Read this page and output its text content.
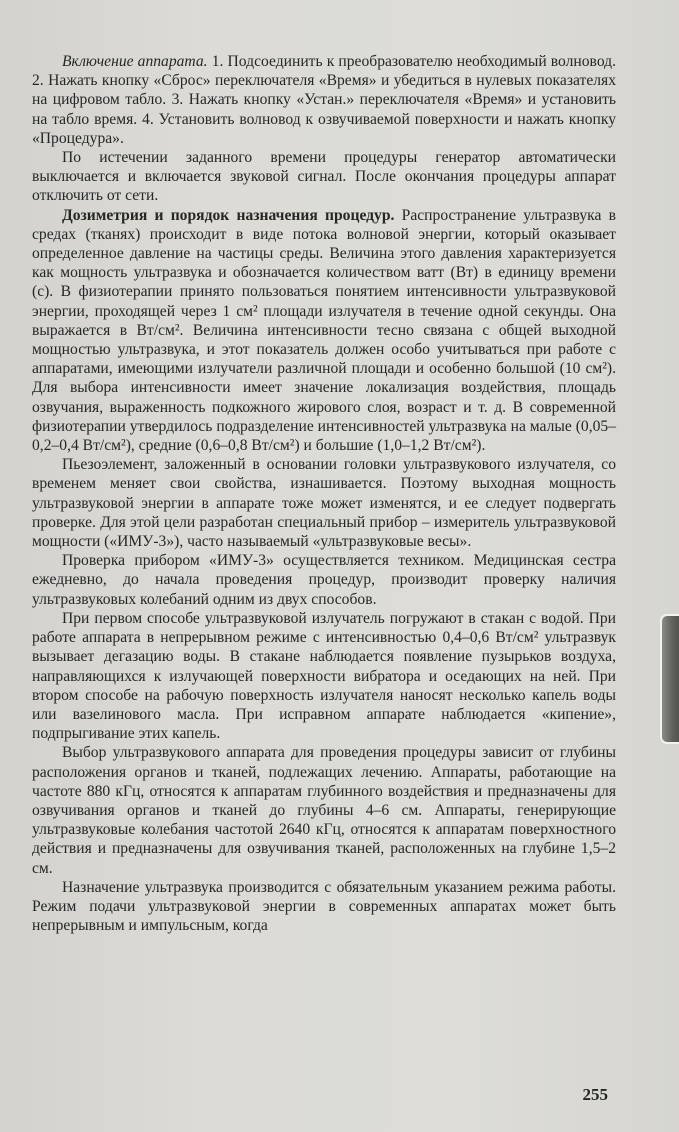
Включение аппарата. 1. Подсоединить к преобразователю необходимый волновод. 2. Нажать кнопку «Сброс» переключателя «Время» и убедиться в нулевых показателях на цифровом табло. 3. Нажать кнопку «Устан.» переключателя «Время» и установить на табло время. 4. Установить волновод к озвучиваемой поверхности и нажать кнопку «Процедура».

По истечении заданного времени процедуры генератор автоматически выключается и включается звуковой сигнал. После окончания процедуры аппарат отключить от сети.

Дозиметрия и порядок назначения процедур. Распространение ультразвука в средах (тканях) происходит в виде потока волновой энергии, который оказывает определенное давление на частицы среды. Величина этого давления характеризуется как мощность ультразвука и обозначается количеством ватт (Вт) в единицу времени (с). В физиотерапии принято пользоваться понятием интенсивности ультразвуковой энергии, проходящей через 1 см² площади излучателя в течение одной секунды. Она выражается в Вт/см². Величина интенсивности тесно связана с общей выходной мощностью ультразвука, и этот показатель должен особо учитываться при работе с аппаратами, имеющими излучатели различной площади и особенно большой (10 см²). Для выбора интенсивности имеет значение локализация воздействия, площадь озвучания, выраженность подкожного жирового слоя, возраст и т. д. В современной физиотерапии утвердилось подразделение интенсивностей ультразвука на малые (0,05–0,2–0,4 Вт/см²), средние (0,6–0,8 Вт/см²) и большие (1,0–1,2 Вт/см²).

Пьезоэлемент, заложенный в основании головки ультразвукового излучателя, со временем меняет свои свойства, изнашивается. Поэтому выходная мощность ультразвуковой энергии в аппарате тоже может изменятся, и ее следует подвергать проверке. Для этой цели разработан специальный прибор – измеритель ультразвуковой мощности («ИМУ-3»), часто называемый «ультразвуковые весы».

Проверка прибором «ИМУ-3» осуществляется техником. Медицинская сестра ежедневно, до начала проведения процедур, производит проверку наличия ультразвуковых колебаний одним из двух способов.

При первом способе ультразвуковой излучатель погружают в стакан с водой. При работе аппарата в непрерывном режиме с интенсивностью 0,4–0,6 Вт/см² ультразвук вызывает дегазацию воды. В стакане наблюдается появление пузырьков воздуха, направляющихся к излучающей поверхности вибратора и оседающих на ней. При втором способе на рабочую поверхность излучателя наносят несколько капель воды или вазелинового масла. При исправном аппарате наблюдается «кипение», подпрыгивание этих капель.

Выбор ультразвукового аппарата для проведения процедуры зависит от глубины расположения органов и тканей, подлежащих лечению. Аппараты, работающие на частоте 880 кГц, относятся к аппаратам глубинного воздействия и предназначены для озвучивания органов и тканей до глубины 4–6 см. Аппараты, генерирующие ультразвуковые колебания частотой 2640 кГц, относятся к аппаратам поверхностного действия и предназначены для озвучивания тканей, расположенных на глубине 1,5–2 см.

Назначение ультразвука производится с обязательным указанием режима работы. Режим подачи ультразвуковой энергии в современных аппаратах может быть непрерывным и импульсным, когда

255
